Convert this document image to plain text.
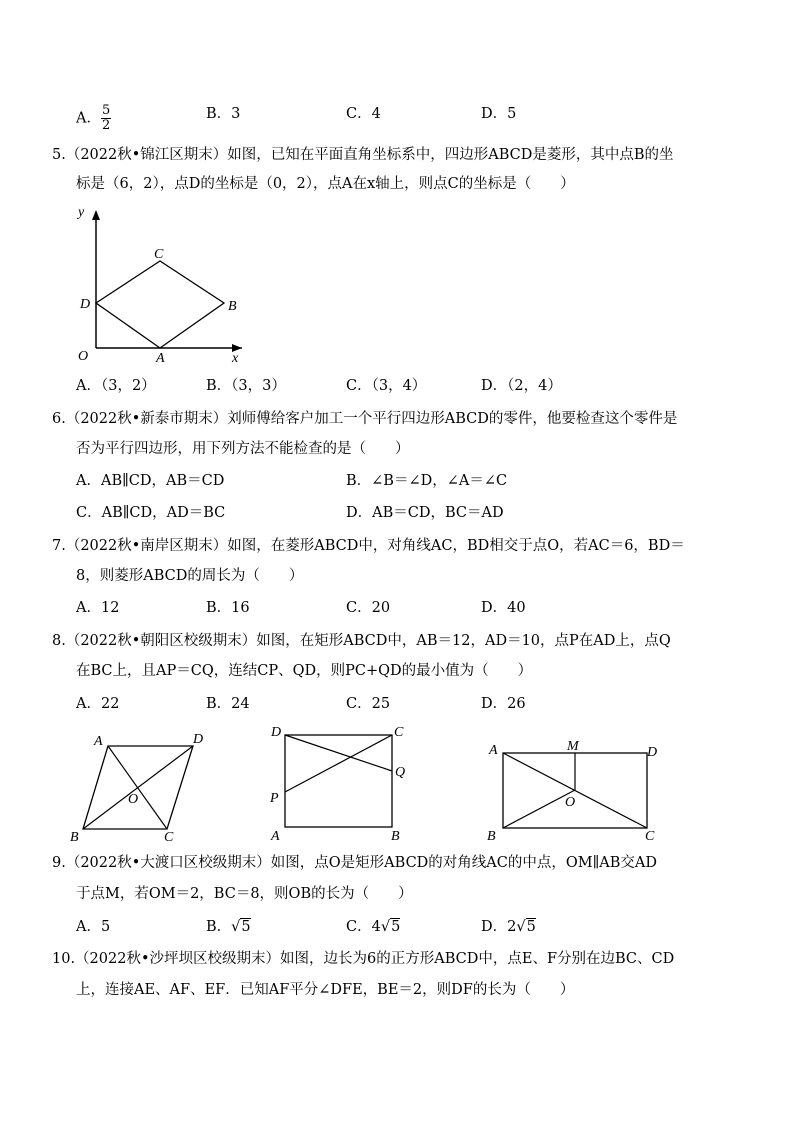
A． $\frac{5}{2}$	B．3	C．4	D．5
5.（2022秋•锦江区期末）如图，已知在平面直角坐标系中，四边形ABCD是菱形，其中点B的坐
标是（6，2），点D的坐标是（0，2），点A在x轴上，则点C的坐标是（　　）
y
x
O	A
B
C
D
A．（3，2）	B．（3，3）	C．（3，4）	D．（2，4）
6.（2022秋•新泰市期末）刘师傅给客户加工一个平行四边形ABCD的零件，他要检查这个零件是
否为平行四边形，用下列方法不能检查的是（　　）
A．AB∥CD，AB＝CD	B．∠B＝∠D，∠A＝∠C
C．AB∥CD，AD＝BC	D．AB＝CD，BC＝AD
7.（2022秋•南岸区期末）如图，在菱形ABCD中，对角线AC，BD相交于点O，若AC＝6，BD＝
8，则菱形ABCD的周长为（　　）
A．12	B．16	C．20	D．40
8.（2022秋•朝阳区校级期末）如图，在矩形ABCD中，AB＝12，AD＝10，点P在AD上，点Q
在BC上，且AP＝CQ，连结CP、QD，则PC+QD的最小值为（　　）
A．22	B．24	C．25	D．26
A	D
B	C
O
D	C
Q
P
A	B
A	M	D
B	C
O
9.（2022秋•大渡口区校级期末）如图，点O是矩形ABCD的对角线AC的中点，OM∥AB交AD
于点M，若OM＝2，BC＝8，则OB的长为（　　）
A．5	B．√5	C．4√5	D．2√5
10.（2022秋•沙坪坝区校级期末）如图，边长为6的正方形ABCD中，点E、F分别在边BC、CD
上，连接AE、AF、EF．已知AF平分∠DFE，BE＝2，则DF的长为（　　）
